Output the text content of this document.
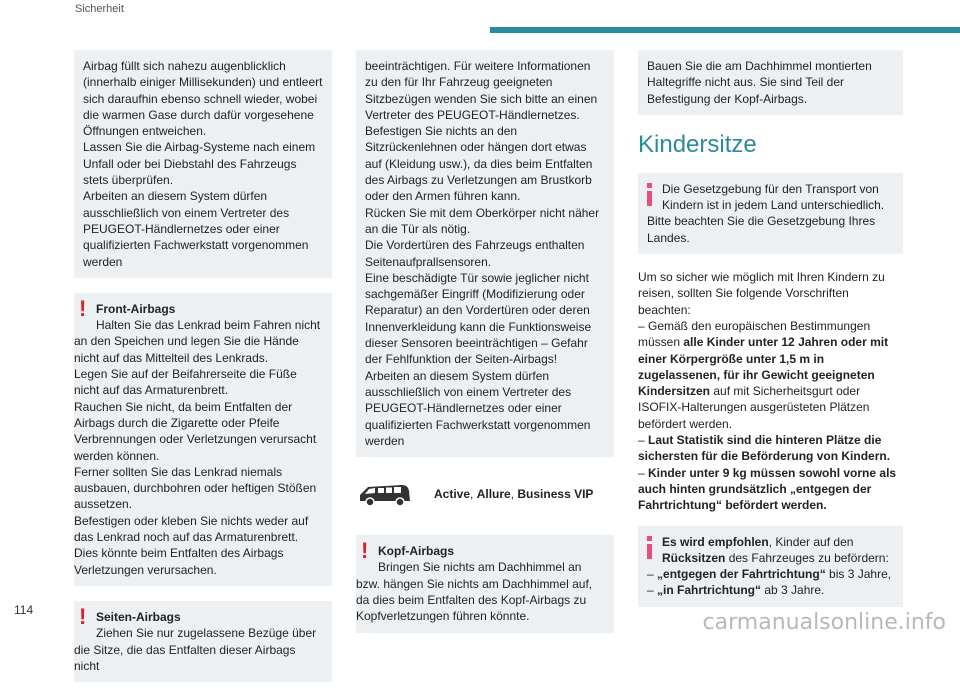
Sicherheit
Airbag füllt sich nahezu augenblicklich (innerhalb einiger Millisekunden) und entleert sich daraufhin ebenso schnell wieder, wobei die warmen Gase durch dafür vorgesehene Öffnungen entweichen.
Lassen Sie die Airbag-Systeme nach einem Unfall oder bei Diebstahl des Fahrzeugs stets überprüfen.
Arbeiten an diesem System dürfen ausschließlich von einem Vertreter des PEUGEOT-Händlernetzes oder einer qualifizierten Fachwerkstatt vorgenommen werden
! Front-Airbags
Halten Sie das Lenkrad beim Fahren nicht
an den Speichen und legen Sie die Hände nicht auf das Mittelteil des Lenkrads.
Legen Sie auf der Beifahrerseite die Füße nicht auf das Armaturenbrett.
Rauchen Sie nicht, da beim Entfalten der Airbags durch die Zigarette oder Pfeife Verbrennungen oder Verletzungen verursacht werden können.
Ferner sollten Sie das Lenkrad niemals ausbauen, durchbohren oder heftigen Stößen aussetzen.
Befestigen oder kleben Sie nichts weder auf das Lenkrad noch auf das Armaturenbrett. Dies könnte beim Entfalten des Airbags Verletzungen verursachen.
! Seiten-Airbags
Ziehen Sie nur zugelassene Bezüge über
die Sitze, die das Entfalten dieser Airbags nicht
beeinträchtigen. Für weitere Informationen zu den für Ihr Fahrzeug geeigneten Sitzbezügen wenden Sie sich bitte an einen Vertreter des PEUGEOT-Händlernetzes.
Befestigen Sie nichts an den Sitzrückenlehnen oder hängen dort etwas auf (Kleidung usw.), da dies beim Entfalten des Airbags zu Verletzungen am Brustkorb oder den Armen führen kann.
Rücken Sie mit dem Oberkörper nicht näher an die Tür als nötig.
Die Vordertüren des Fahrzeugs enthalten Seitenaufprallsensoren.
Eine beschädigte Tür sowie jeglicher nicht sachgemäßer Eingriff (Modifizierung oder Reparatur) an den Vordertüren oder deren Innenverkleidung kann die Funktionsweise dieser Sensoren beeinträchtigen – Gefahr der Fehlfunktion der Seiten-Airbags!
Arbeiten an diesem System dürfen ausschließlich von einem Vertreter des PEUGEOT-Händlernetzes oder einer qualifizierten Fachwerkstatt vorgenommen werden
Active, Allure, Business VIP
! Kopf-Airbags
Bringen Sie nichts am Dachhimmel an
bzw. hängen Sie nichts am Dachhimmel auf, da dies beim Entfalten des Kopf-Airbags zu Kopfverletzungen führen könnte.
Bauen Sie die am Dachhimmel montierten Haltegriffe nicht aus. Sie sind Teil der Befestigung der Kopf-Airbags.
Kindersitze
Die Gesetzgebung für den Transport von Kindern ist in jedem Land unterschiedlich.
Bitte beachten Sie die Gesetzgebung Ihres Landes.

Um so sicher wie möglich mit Ihren Kindern zu reisen, sollten Sie folgende Vorschriften beachten:

– Gemäß den europäischen Bestimmungen müssen alle Kinder unter 12 Jahren oder mit einer Körpergröße unter 1,5 m in zugelassenen, für ihr Gewicht geeigneten Kindersitzen auf mit Sicherheitsgurt oder ISOFIX-Halterungen ausgerüsteten Plätzen befördert werden.

– Laut Statistik sind die hinteren Plätze die sichersten für die Beförderung von Kindern.

– Kinder unter 9 kg müssen sowohl vorne als auch hinten grundsätzlich „entgegen der Fahrtrichtung“ befördert werden.

Es wird empfohlen, Kinder auf den
Rücksitzen des Fahrzeuges zu befördern:
– „entgegen der Fahrtrichtung“ bis 3 Jahre,
– „in Fahrtrichtung“ ab 3 Jahre.
114	carmanualsonline.info
